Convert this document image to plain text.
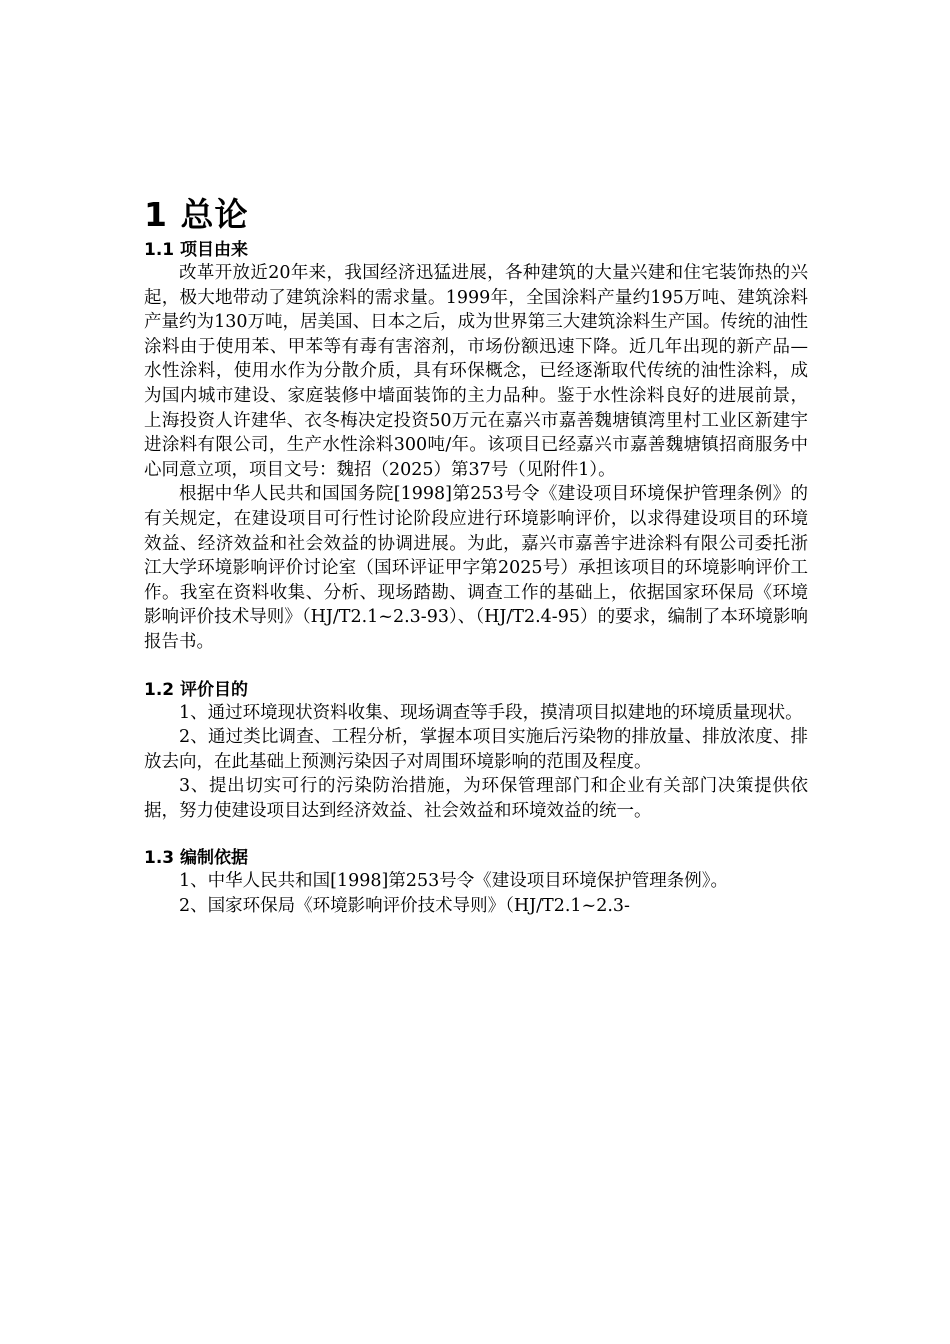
1 总论
1.1 项目由来

改革开放近20年来，我国经济迅猛进展，各种建筑的大量兴建和住宅装饰热的兴起，极大地带动了建筑涂料的需求量。1999年，全国涂料产量约195万吨、建筑涂料产量约为130万吨，居美国、日本之后，成为世界第三大建筑涂料生产国。传统的油性涂料由于使用苯、甲苯等有毒有害溶剂，市场份额迅速下降。近几年出现的新产品—水性涂料，使用水作为分散介质，具有环保概念，已经逐渐取代传统的油性涂料，成为国内城市建设、家庭装修中墙面装饰的主力品种。鉴于水性涂料良好的进展前景，上海投资人许建华、衣冬梅决定投资50万元在嘉兴市嘉善魏塘镇湾里村工业区新建宇进涂料有限公司，生产水性涂料300吨/年。该项目已经嘉兴市嘉善魏塘镇招商服务中心同意立项，项目文号：魏招（2025）第37号（见附件1）。

根据中华人民共和国国务院[1998]第253号令《建设项目环境保护管理条例》的有关规定，在建设项目可行性讨论阶段应进行环境影响评价，以求得建设项目的环境效益、经济效益和社会效益的协调进展。为此，嘉兴市嘉善宇进涂料有限公司委托浙江大学环境影响评价讨论室（国环评证甲字第2025号）承担该项目的环境影响评价工作。我室在资料收集、分析、现场踏勘、调查工作的基础上，依据国家环保局《环境影响评价技术导则》（HJ/T2.1~2.3-93）、（HJ/T2.4-95）的要求，编制了本环境影响报告书。

1.2 评价目的

1、通过环境现状资料收集、现场调查等手段，摸清项目拟建地的环境质量现状。

2、通过类比调查、工程分析，掌握本项目实施后污染物的排放量、排放浓度、排放去向，在此基础上预测污染因子对周围环境影响的范围及程度。

3、提出切实可行的污染防治措施，为环保管理部门和企业有关部门决策提供依据，努力使建设项目达到经济效益、社会效益和环境效益的统一。

1.3 编制依据

1、中华人民共和国[1998]第253号令《建设项目环境保护管理条例》。

2、国家环保局《环境影响评价技术导则》（HJ/T2.1~2.3-
